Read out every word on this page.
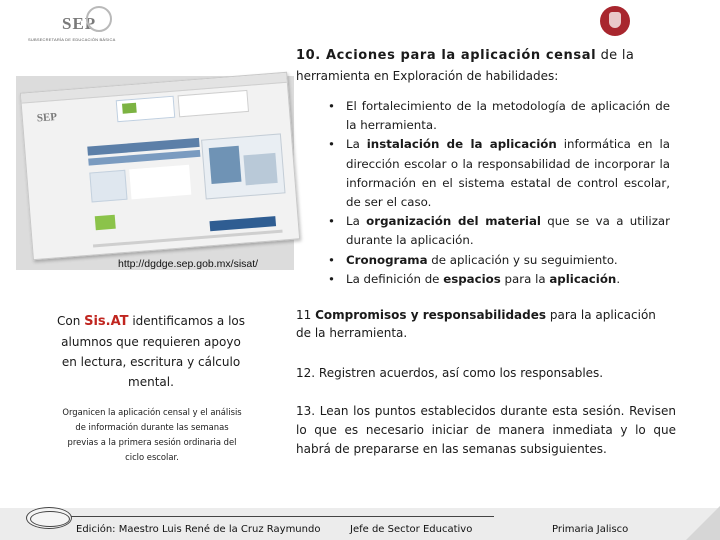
SEP
SUBSECRETARÍA DE EDUCACIÓN BÁSICA
SEP
http://dgdge.sep.gob.mx/sisat/
10. Acciones para la aplicación censal de la
herramienta en Exploración de habilidades:
• El fortalecimiento de la metodología de aplicación de la herramienta.
• La instalación de la aplicación informática en la dirección escolar o la responsabilidad de incorporar la información en el sistema estatal de control escolar, de ser el caso.
• La organización del material que se va a utilizar durante la aplicación.
• Cronograma de aplicación y su seguimiento.
• La definición de espacios para la aplicación.
Con Sis.AT identificamos a los alumnos que requieren apoyo en lectura, escritura y cálculo mental.
Organicen la aplicación censal y el análisis de información durante las semanas previas a la primera sesión ordinaria del ciclo escolar.
11 Compromisos y responsabilidades para la aplicación de la herramienta.
12. Registren acuerdos, así como los responsables.
13. Lean los puntos establecidos durante esta sesión. Revisen lo que es necesario iniciar de manera inmediata y lo que habrá de prepararse en las semanas subsiguientes.
Edición: Maestro Luis René de la Cruz Raymundo	Jefe de Sector Educativo	Primaria Jalisco
